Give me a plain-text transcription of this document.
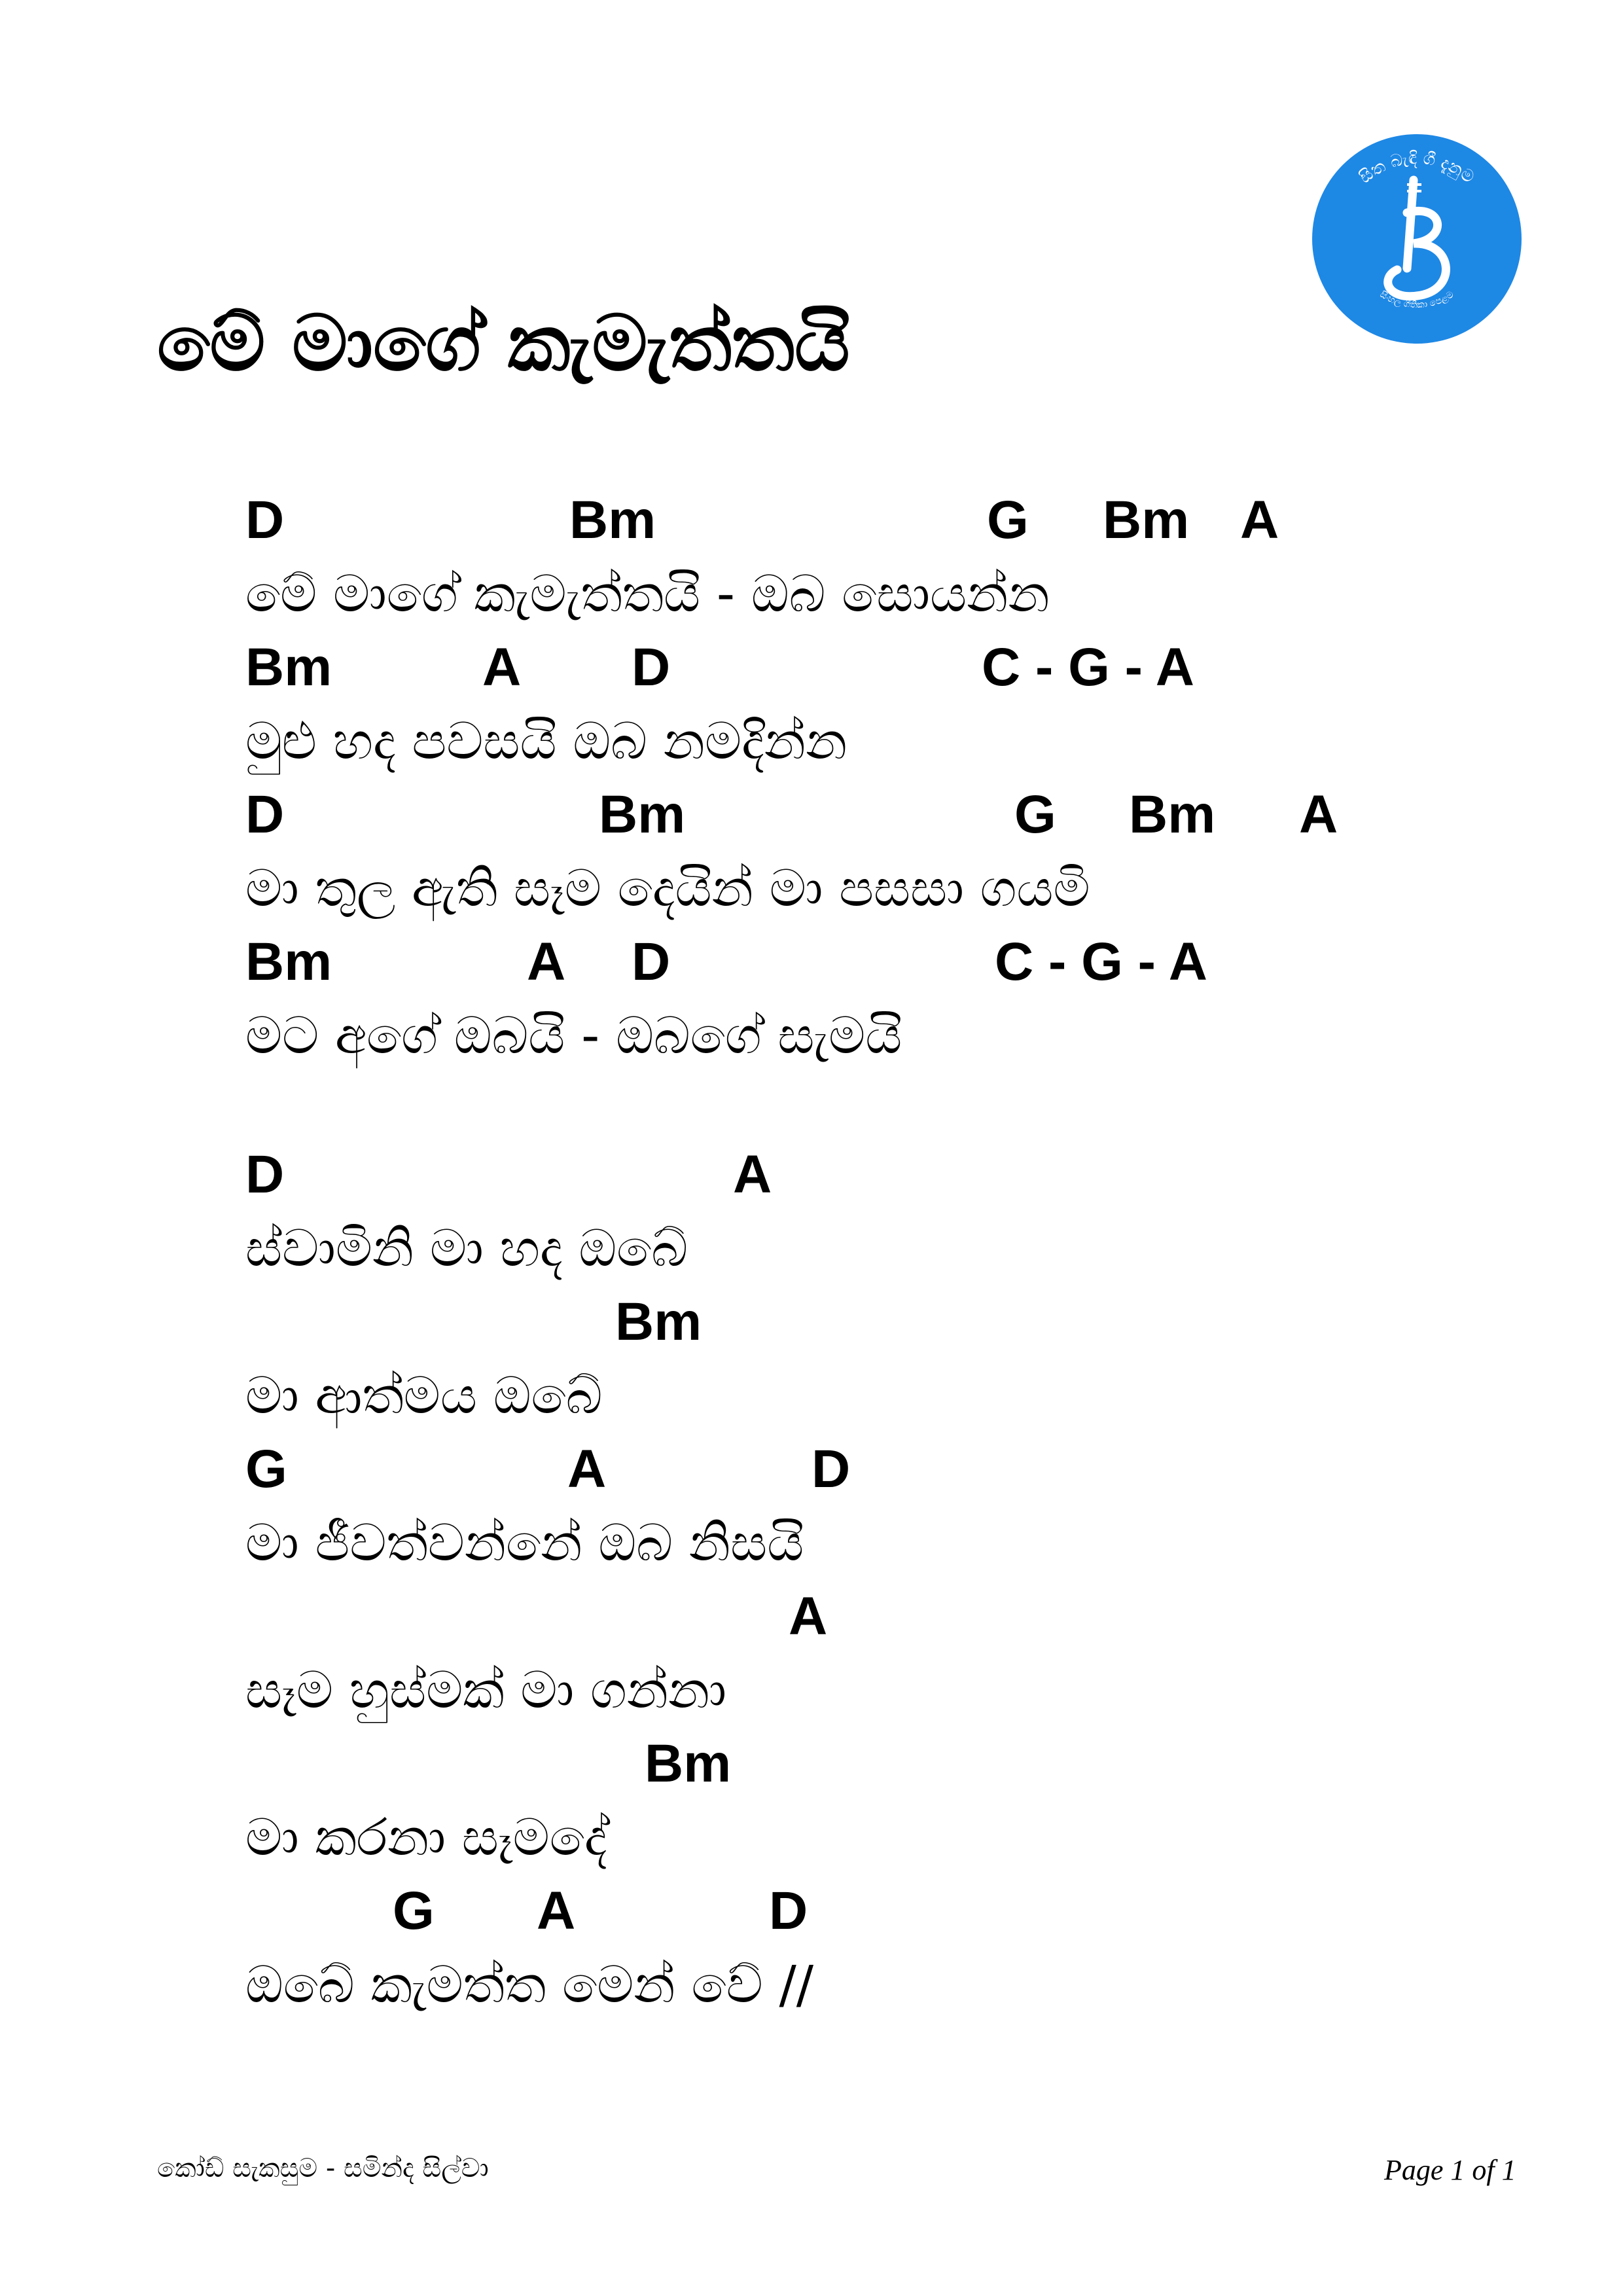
මේ මාගේ කැමැත්තයි
සිත බැඳි ගී දැනුම
සිංහල ගීතිකා පෙළම
D	Bm	G Bm A
මේ මාගේ කැමැත්තයි - ඔබ සොයන්න
Bm	A D	C - G - A
මුළු හද පවසයි ඔබ නමදින්න
D	Bm	G Bm A
මා තුල ඇති සෑම දෙයින් මා පසසා ගයමි
Bm	A D	C - G - A
මට අගේ ඔබයි - ඔබගේ සැමයි
D	A
ස්වාමිනි මා හද ඔබේ
Bm
මා ආත්මය ඔබේ
G	A	D
මා ජීවත්වන්නේ ඔබ නිසයි
A
සෑම හුස්මක් මා ගන්නා
Bm
මා කරනා සෑමදේ
G A	D
ඔබේ කැමත්ත මෙන් වේ //
කෝඩ් සැකසුම - සමින්ද සිල්වා	Page 1 of 1
